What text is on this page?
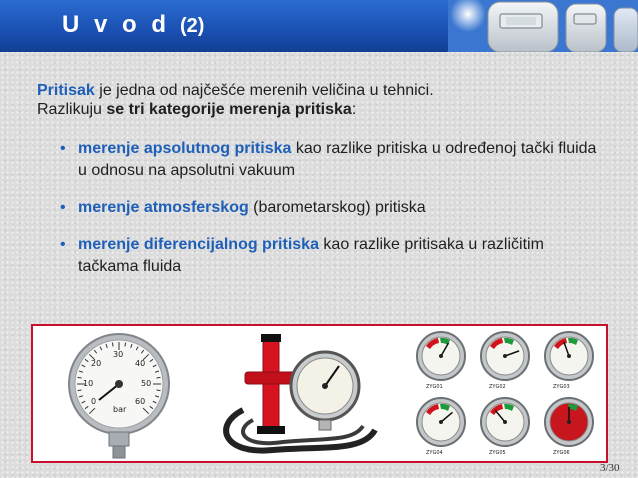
U v o d (2)
Pritisak je jedna od najčešće merenih veličina u tehnici.
Razlikuju se tri kategorije merenja pritiska:
• merenje apsolutnog pritiska kao razlike pritiska u određenoj tački fluida u odnosu na apsolutni vakuum
• merenje atmosferskog (barometarskog) pritiska
• merenje diferencijalnog pritiska kao razlike pritisaka u različitim tačkama fluida
0
10
20
30
40
50
60
bar
ZYG01	ZYG02	ZYG03
ZYG04	ZYG05	ZYG06
3/30
